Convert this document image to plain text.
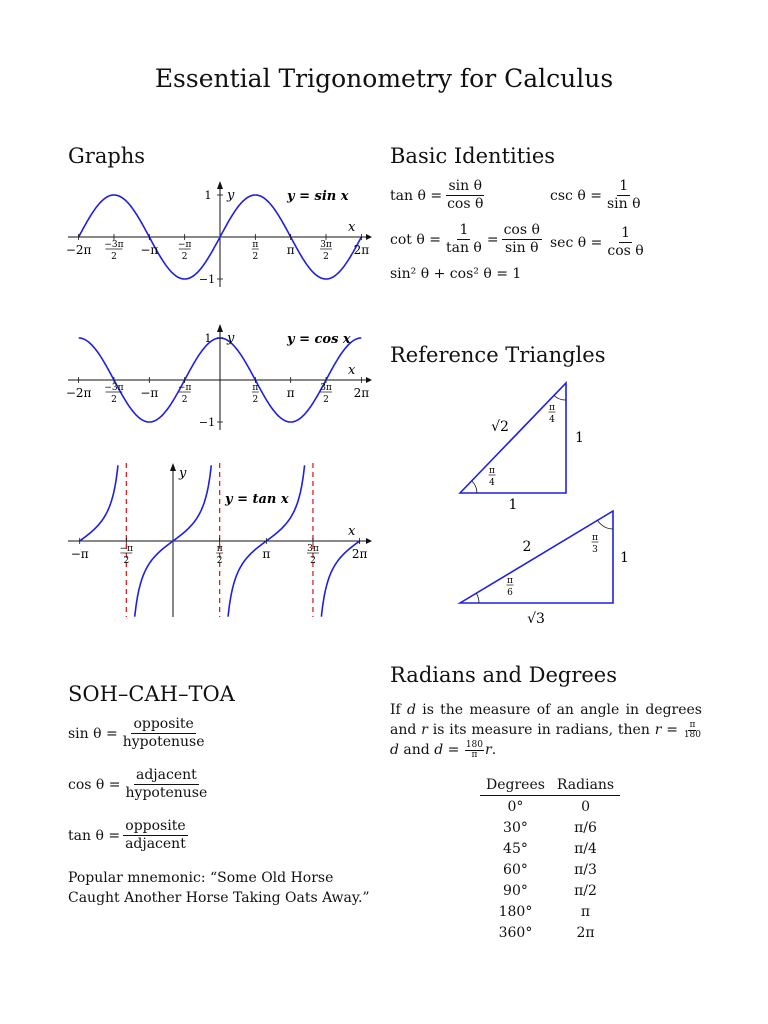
Essential Trigonometry for Calculus
Graphs
−2π −3π
2 −π −π
2
π
2 π	3π
2 2π
1
−1
y
x
y = sin x
−2π −3π
2 −π −π
2
π
2 π	3π
2 2π
1
−1
y
x
y = cos x
−π	−π
2
π
2	π	3π
2	2π
y
x
y = tan x
Basic Identities
$\tan \theta = \frac{\text{sin θ}}{\text{cos θ}}$	$\csc \theta = \frac{1}{\text{sin θ}}$
$\cot \theta = \frac{1}{\text{tan θ}} = \frac{\text{cos θ}}{\text{sin θ}}$ $\sec \theta = \frac{1}{\text{cos θ}}$
sin² θ + cos² θ = 1
Reference Triangles
√2
1
1
π
4
π
4
2
1
√3
π
3
π
6
SOH–CAH–TOA
$\sin \theta = \frac{\text{opposite}}{\text{hypotenuse}}$
$\cos \theta = \frac{\text{adjacent}}{\text{hypotenuse}}$
$\tan \theta = \frac{\text{opposite}}{\text{adjacent}}$
Popular mnemonic: “Some Old Horse Caught Another Horse Taking Oats Away.”
Radians and Degrees
If d is the measure of an angle in degrees and r is its measure in radians, then $r = \frac{\pi}{180}$
d and $d = \frac{180}{\pi} r$.
Degrees	Radians
0°	0
30°	π/6
45°	π/4
60°	π/3
90°	π/2
180°	π
360°	2π
